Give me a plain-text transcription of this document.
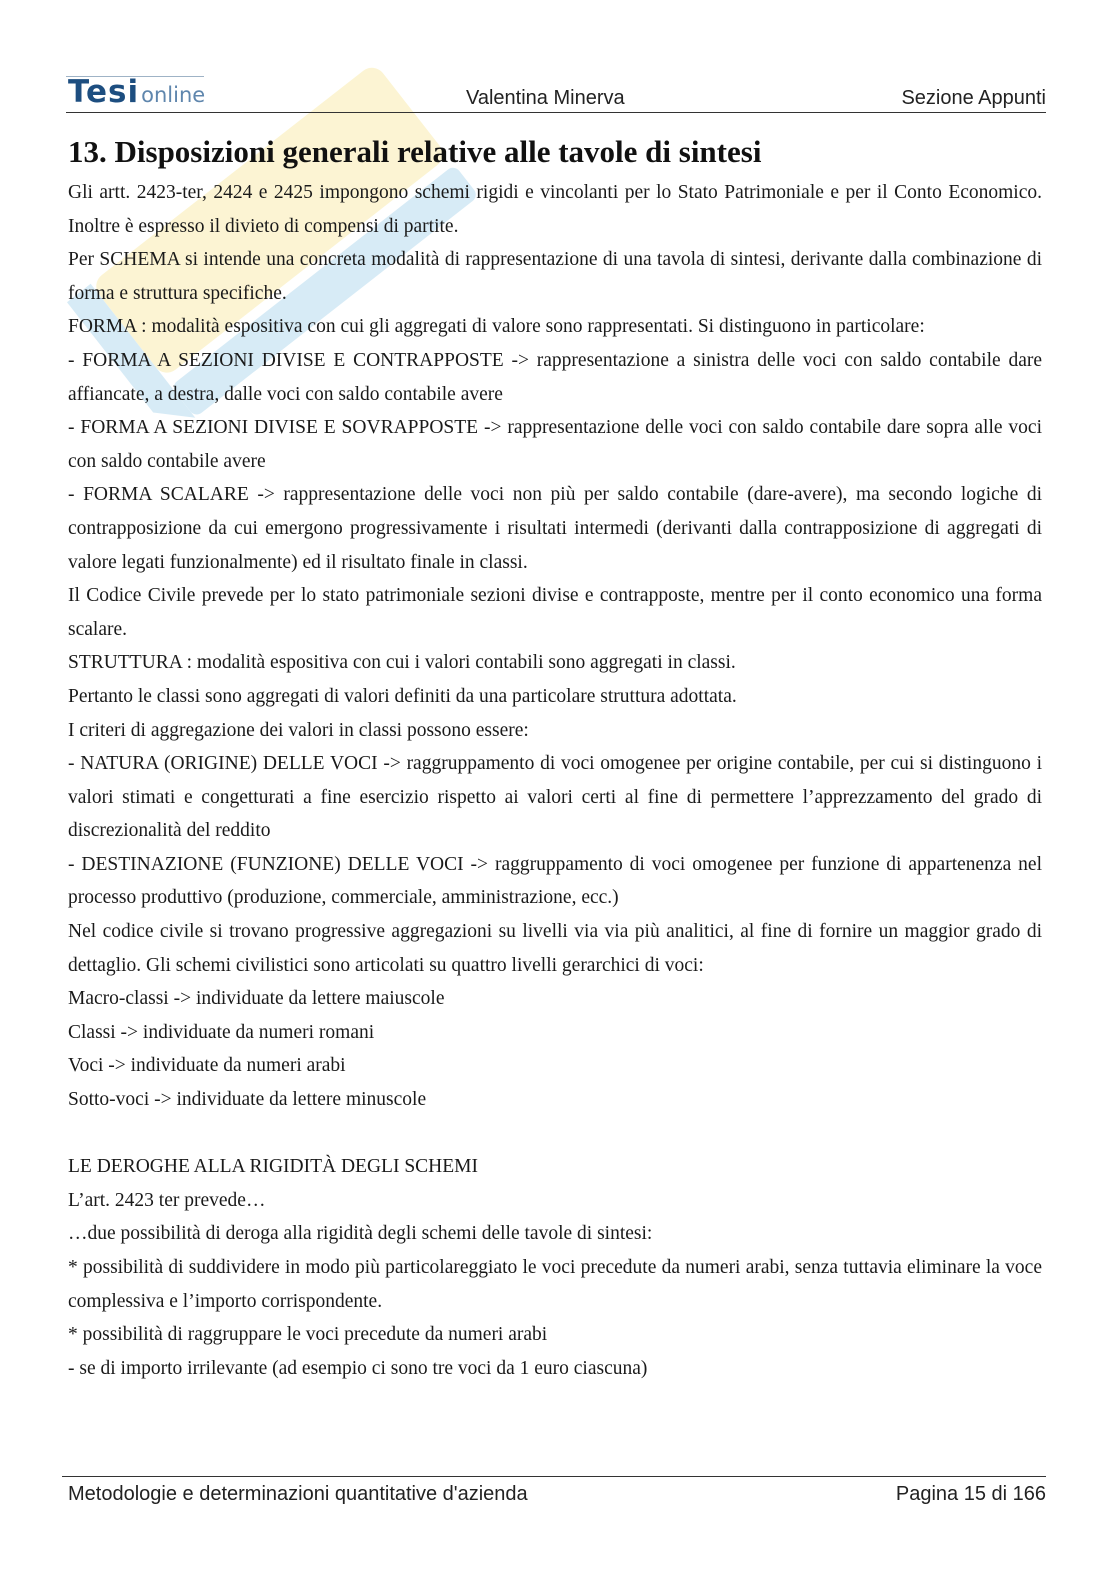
Tesionline	Valentina Minerva	Sezione Appunti
13. Disposizioni generali relative alle tavole di sintesi

Gli artt. 2423-ter, 2424 e 2425 impongono schemi rigidi e vincolanti per lo Stato Patrimoniale e per il Conto Economico. Inoltre è espresso il divieto di compensi di partite.

Per SCHEMA si intende una concreta modalità di rappresentazione di una tavola di sintesi, derivante dalla combinazione di forma e struttura specifiche.

FORMA : modalità espositiva con cui gli aggregati di valore sono rappresentati. Si distinguono in particolare:

- FORMA A SEZIONI DIVISE E CONTRAPPOSTE -> rappresentazione a sinistra delle voci con saldo contabile dare affiancate, a destra, dalle voci con saldo contabile avere

- FORMA A SEZIONI DIVISE E SOVRAPPOSTE -> rappresentazione delle voci con saldo contabile dare sopra alle voci con saldo contabile avere

- FORMA SCALARE -> rappresentazione delle voci non più per saldo contabile (dare-avere), ma secondo logiche di contrapposizione da cui emergono progressivamente i risultati intermedi (derivanti dalla contrapposizione di aggregati di valore legati funzionalmente) ed il risultato finale in classi.

Il Codice Civile prevede per lo stato patrimoniale sezioni divise e contrapposte, mentre per il conto economico una forma scalare.

STRUTTURA : modalità espositiva con cui i valori contabili sono aggregati in classi.

Pertanto le classi sono aggregati di valori definiti da una particolare struttura adottata.

I criteri di aggregazione dei valori in classi possono essere:

- NATURA (ORIGINE) DELLE VOCI -> raggruppamento di voci omogenee per origine contabile, per cui si distinguono i valori stimati e congetturati a fine esercizio rispetto ai valori certi al fine di permettere l’apprezzamento del grado di discrezionalità del reddito

- DESTINAZIONE (FUNZIONE) DELLE VOCI -> raggruppamento di voci omogenee per funzione di appartenenza nel processo produttivo (produzione, commerciale, amministrazione, ecc.)

Nel codice civile si trovano progressive aggregazioni su livelli via via più analitici, al fine di fornire un maggior grado di dettaglio. Gli schemi civilistici sono articolati su quattro livelli gerarchici di voci:

Macro-classi -> individuate da lettere maiuscole

Classi -> individuate da numeri romani

Voci -> individuate da numeri arabi

Sotto-voci -> individuate da lettere minuscole

LE DEROGHE ALLA RIGIDITÀ DEGLI SCHEMI

L’art. 2423 ter prevede…

…due possibilità di deroga alla rigidità degli schemi delle tavole di sintesi:

* possibilità di suddividere in modo più particolareggiato le voci precedute da numeri arabi, senza tuttavia eliminare la voce complessiva e l’importo corrispondente.

* possibilità di raggruppare le voci precedute da numeri arabi

- se di importo irrilevante (ad esempio ci sono tre voci da 1 euro ciascuna)

Metodologie e determinazioni quantitative d'azienda	Pagina 15 di 166
